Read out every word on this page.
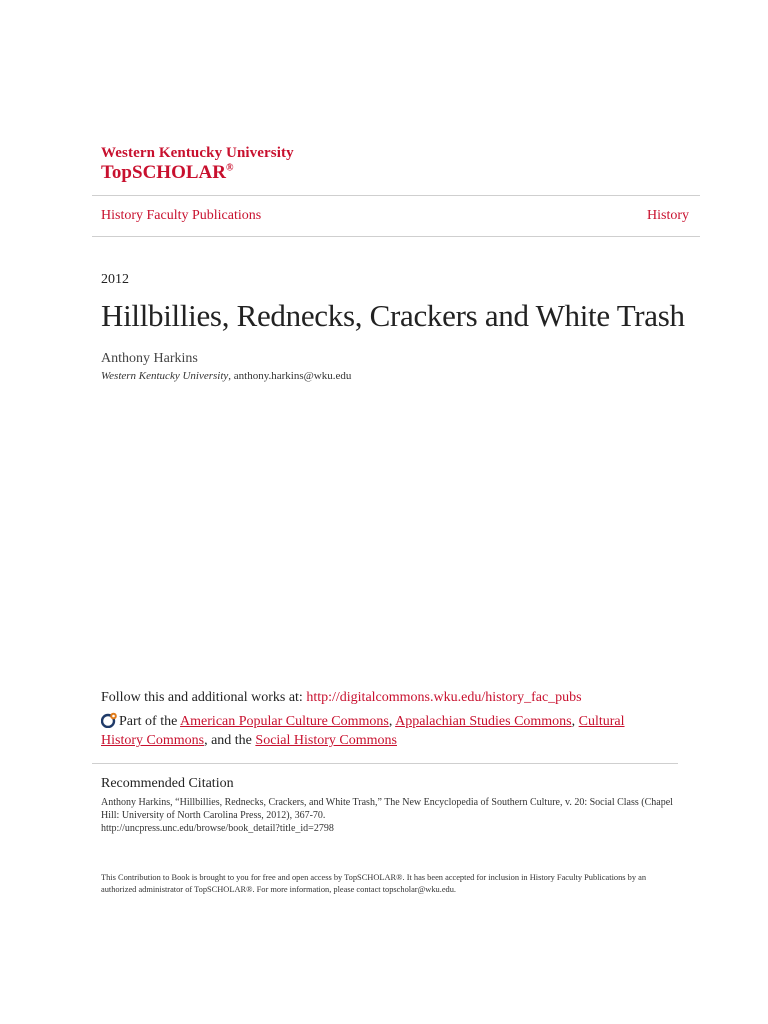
Western Kentucky University
TopSCHOLAR®
History Faculty Publications	History
2012
Hillbillies, Rednecks, Crackers and White Trash
Anthony Harkins
Western Kentucky University, anthony.harkins@wku.edu
Follow this and additional works at: http://digitalcommons.wku.edu/history_fac_pubs
Part of the American Popular Culture Commons, Appalachian Studies Commons, Cultural History Commons, and the Social History Commons
Recommended Citation
Anthony Harkins, “Hillbillies, Rednecks, Crackers, and White Trash,” The New Encyclopedia of Southern Culture, v. 20: Social Class (Chapel Hill: University of North Carolina Press, 2012), 367-70.
http://uncpress.unc.edu/browse/book_detail?title_id=2798
This Contribution to Book is brought to you for free and open access by TopSCHOLAR®. It has been accepted for inclusion in History Faculty Publications by an authorized administrator of TopSCHOLAR®. For more information, please contact topscholar@wku.edu.
